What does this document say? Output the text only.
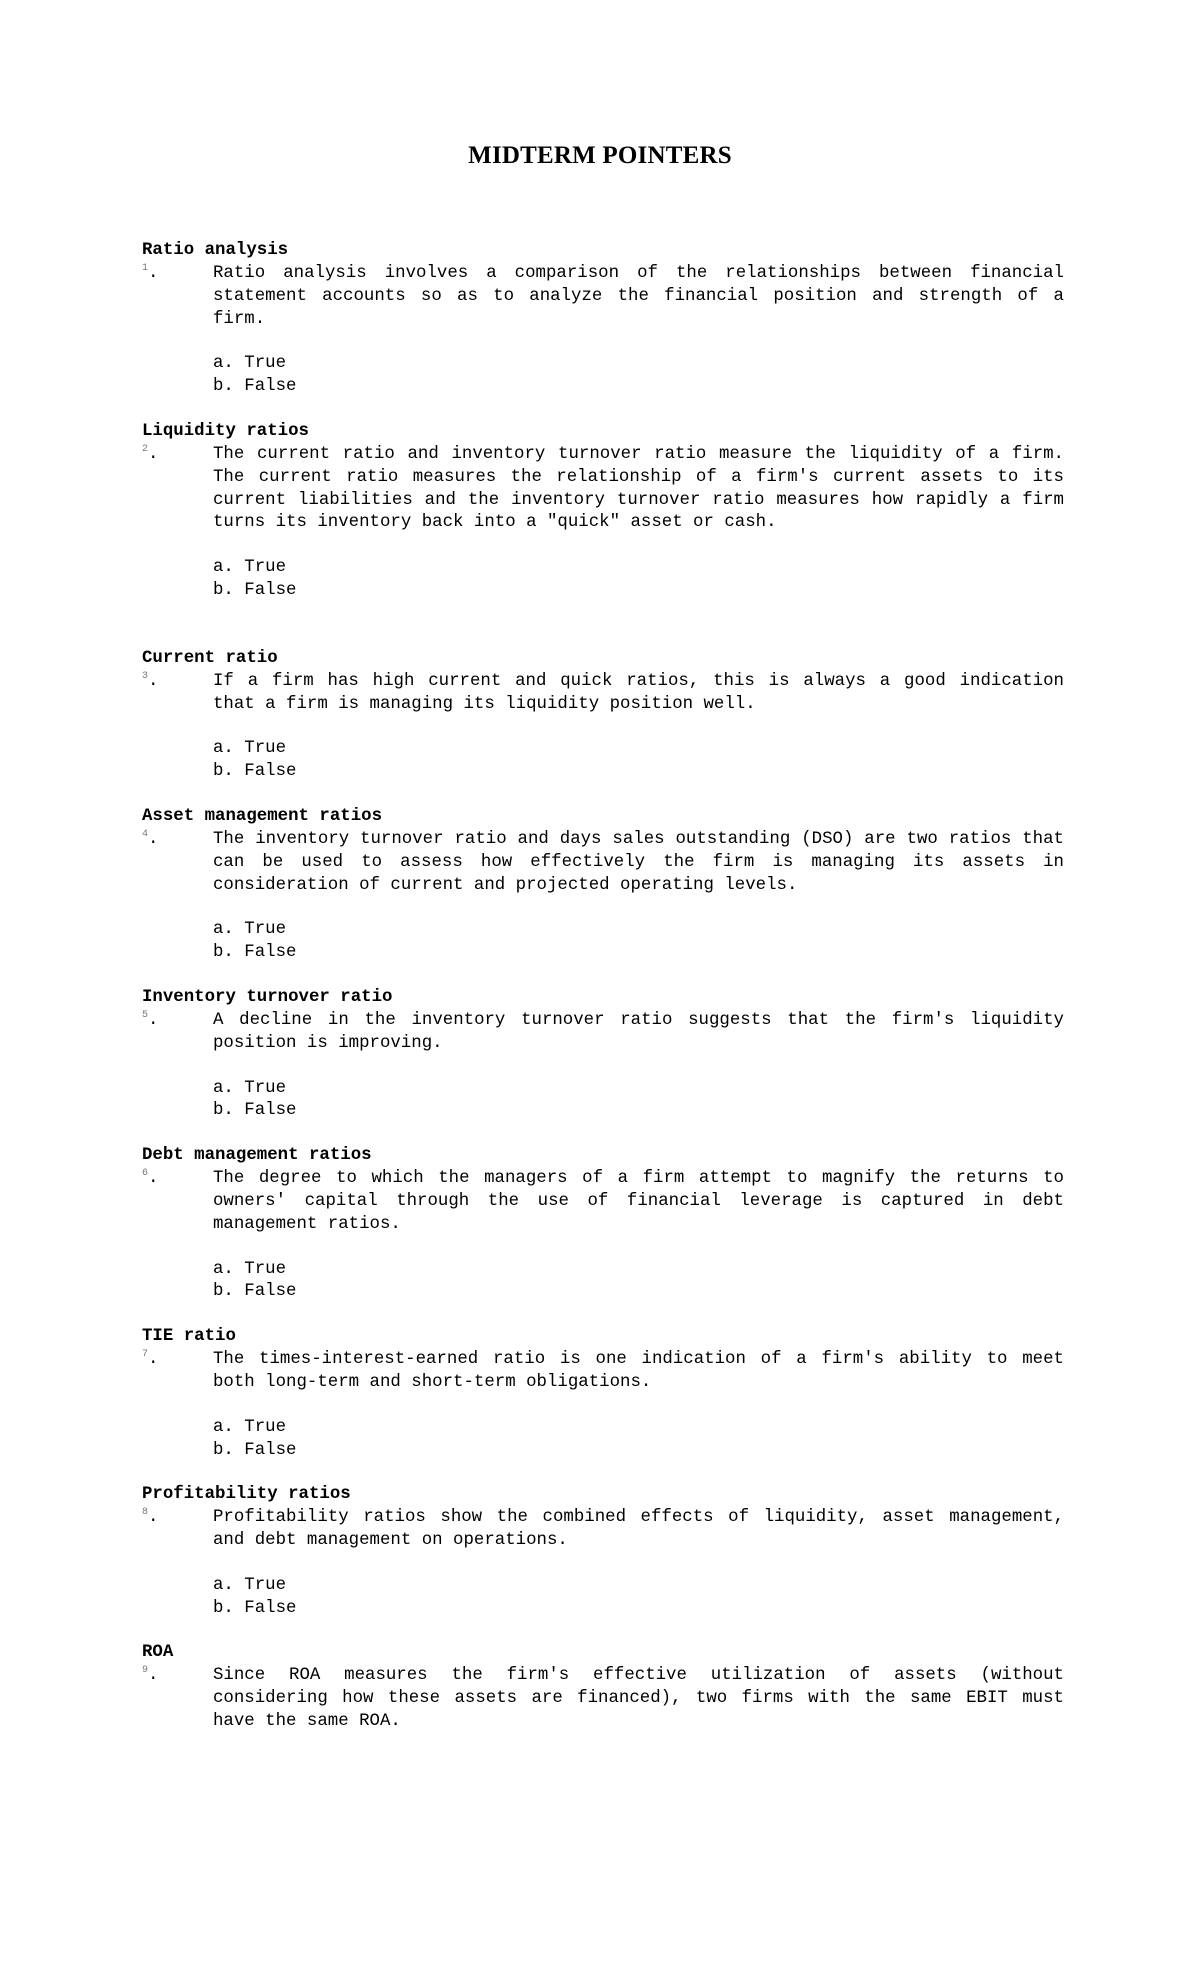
MIDTERM POINTERS
Ratio analysis
$^1$.	Ratio analysis involves a comparison of the relationships between financial statement accounts so as to analyze the financial position and strength of a firm.
a. True
b. False
Liquidity ratios
$^2$.	The current ratio and inventory turnover ratio measure the liquidity of a firm. The current ratio measures the relationship of a firm's current assets to its current liabilities and the inventory turnover ratio measures how rapidly a firm turns its inventory back into a "quick" asset or cash.
a. True
b. False
Current ratio
$^3$.	If a firm has high current and quick ratios, this is always a good indication that a firm is managing its liquidity position well.
a. True
b. False
Asset management ratios
$^4$.	The inventory turnover ratio and days sales outstanding (DSO) are two ratios that can be used to assess how effectively the firm is managing its assets in consideration of current and projected operating levels.
a. True
b. False
Inventory turnover ratio
$^5$.	A decline in the inventory turnover ratio suggests that the firm's liquidity position is improving.
a. True
b. False
Debt management ratios
$^6$.	The degree to which the managers of a firm attempt to magnify the returns to owners' capital through the use of financial leverage is captured in debt management ratios.
a. True
b. False
TIE ratio
$^7$.	The times-interest-earned ratio is one indication of a firm's ability to meet both long-term and short-term obligations.
a. True
b. False
Profitability ratios
$^8$.	Profitability ratios show the combined effects of liquidity, asset management, and debt management on operations.
a. True
b. False
ROA
$^9$.	Since ROA measures the firm's effective utilization of assets (without considering how these assets are financed), two firms with the same EBIT must have the same ROA.
